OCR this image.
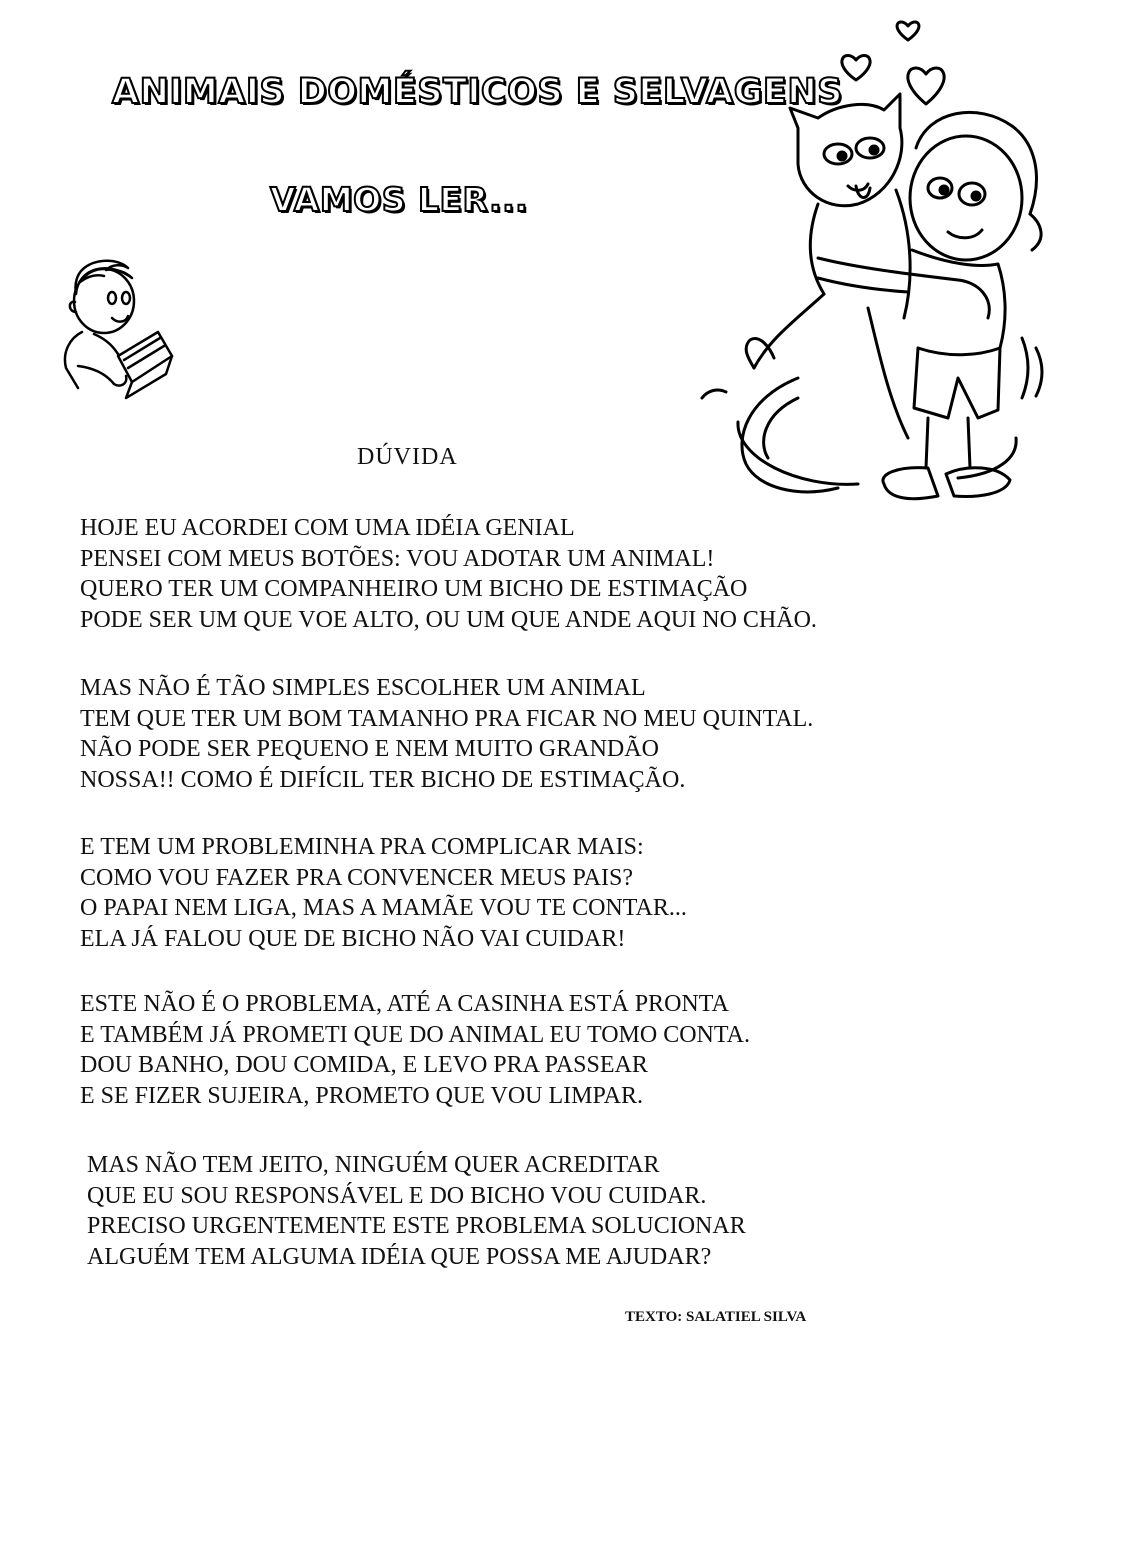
ANIMAIS DOMÉSTICOS E SELVAGENS
VAMOS LER...
DÚVIDA
HOJE EU ACORDEI COM UMA IDÉIA GENIAL
PENSEI COM MEUS BOTÕES: VOU ADOTAR UM ANIMAL!
QUERO TER UM COMPANHEIRO UM BICHO DE ESTIMAÇÃO
PODE SER UM QUE VOE ALTO, OU UM QUE ANDE AQUI NO CHÃO.
MAS NÃO É TÃO SIMPLES ESCOLHER UM ANIMAL
TEM QUE TER UM BOM TAMANHO PRA FICAR NO MEU QUINTAL.
NÃO PODE SER PEQUENO E NEM MUITO GRANDÃO
NOSSA!! COMO É DIFÍCIL TER BICHO DE ESTIMAÇÃO.
E TEM UM PROBLEMINHA PRA COMPLICAR MAIS:
COMO VOU FAZER PRA CONVENCER MEUS PAIS?
O PAPAI NEM LIGA, MAS A MAMÃE VOU TE CONTAR...
ELA JÁ FALOU QUE DE BICHO NÃO VAI CUIDAR!
ESTE NÃO É O PROBLEMA, ATÉ A CASINHA ESTÁ PRONTA
E TAMBÉM JÁ PROMETI QUE DO ANIMAL EU TOMO CONTA.
DOU BANHO, DOU COMIDA, E LEVO PRA PASSEAR
E SE FIZER SUJEIRA, PROMETO QUE VOU LIMPAR.
MAS NÃO TEM JEITO, NINGUÉM QUER ACREDITAR
QUE EU SOU RESPONSÁVEL E DO BICHO VOU CUIDAR.
PRECISO URGENTEMENTE ESTE PROBLEMA SOLUCIONAR
ALGUÉM TEM ALGUMA IDÉIA QUE POSSA ME AJUDAR?
TEXTO: SALATIEL SILVA
